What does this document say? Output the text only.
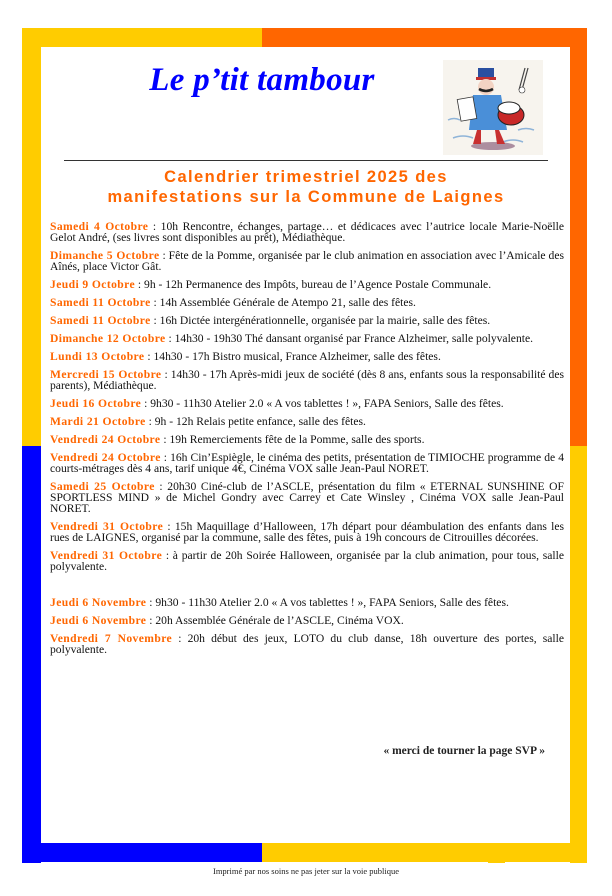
Le p’tit tambour
Calendrier trimestriel 2025 des
manifestations sur la Commune de Laignes
Samedi 4 Octobre : 10h Rencontre, échanges, partage… et dédicaces avec l’autrice locale Marie-Noëlle Gelot André, (ses livres sont disponibles au prêt), Médiathèque.
Dimanche 5 Octobre : Fête de la Pomme, organisée par le club animation en association avec l’Amicale des Aînés, place Victor Gât.
Jeudi 9 Octobre : 9h - 12h Permanence des Impôts, bureau de l’Agence Postale Communale.
Samedi 11 Octobre : 14h Assemblée Générale de Atempo 21, salle des fêtes.
Samedi 11 Octobre : 16h Dictée intergénérationnelle, organisée par la mairie, salle des fêtes.
Dimanche 12 Octobre : 14h30 - 19h30 Thé dansant organisé par France Alzheimer, salle polyvalente.
Lundi 13 Octobre : 14h30 - 17h Bistro musical, France Alzheimer, salle des fêtes.
Mercredi 15 Octobre : 14h30 - 17h Après-midi jeux de société (dès 8 ans, enfants sous la responsabilité des parents), Médiathèque.
Jeudi 16 Octobre : 9h30 - 11h30 Atelier 2.0 « A vos tablettes ! », FAPA Seniors, Salle des fêtes.
Mardi 21 Octobre : 9h - 12h Relais petite enfance, salle des fêtes.
Vendredi 24 Octobre : 19h Remerciements fête de la Pomme, salle des sports.
Vendredi 24 Octobre : 16h Cin’Espiègle, le cinéma des petits, présentation de TIMIOCHE programme de 4 courts-métrages dès 4 ans, tarif unique 4€, Cinéma VOX salle Jean-Paul NORET.
Samedi 25 Octobre : 20h30 Ciné-club de l’ASCLE, présentation du film « ETERNAL SUNSHINE OF SPORTLESS MIND » de Michel Gondry avec Carrey et Cate Winsley , Cinéma VOX salle Jean-Paul NORET.
Vendredi 31 Octobre : 15h Maquillage d’Halloween, 17h départ pour déambulation des enfants dans les rues de LAIGNES, organisé par la commune, salle des fêtes, puis à 19h concours de Citrouilles décorées.
Vendredi 31 Octobre : à partir de 20h Soirée Halloween, organisée par la club animation, pour tous, salle polyvalente.
Jeudi 6 Novembre : 9h30 - 11h30 Atelier 2.0 « A vos tablettes ! », FAPA Seniors, Salle des fêtes.
Jeudi 6 Novembre : 20h Assemblée Générale de l’ASCLE, Cinéma VOX.
Vendredi 7 Novembre : 20h début des jeux, LOTO du club danse, 18h ouverture des portes, salle polyvalente.
« merci de tourner la page SVP »
Imprimé par nos soins ne pas jeter sur la voie publique
